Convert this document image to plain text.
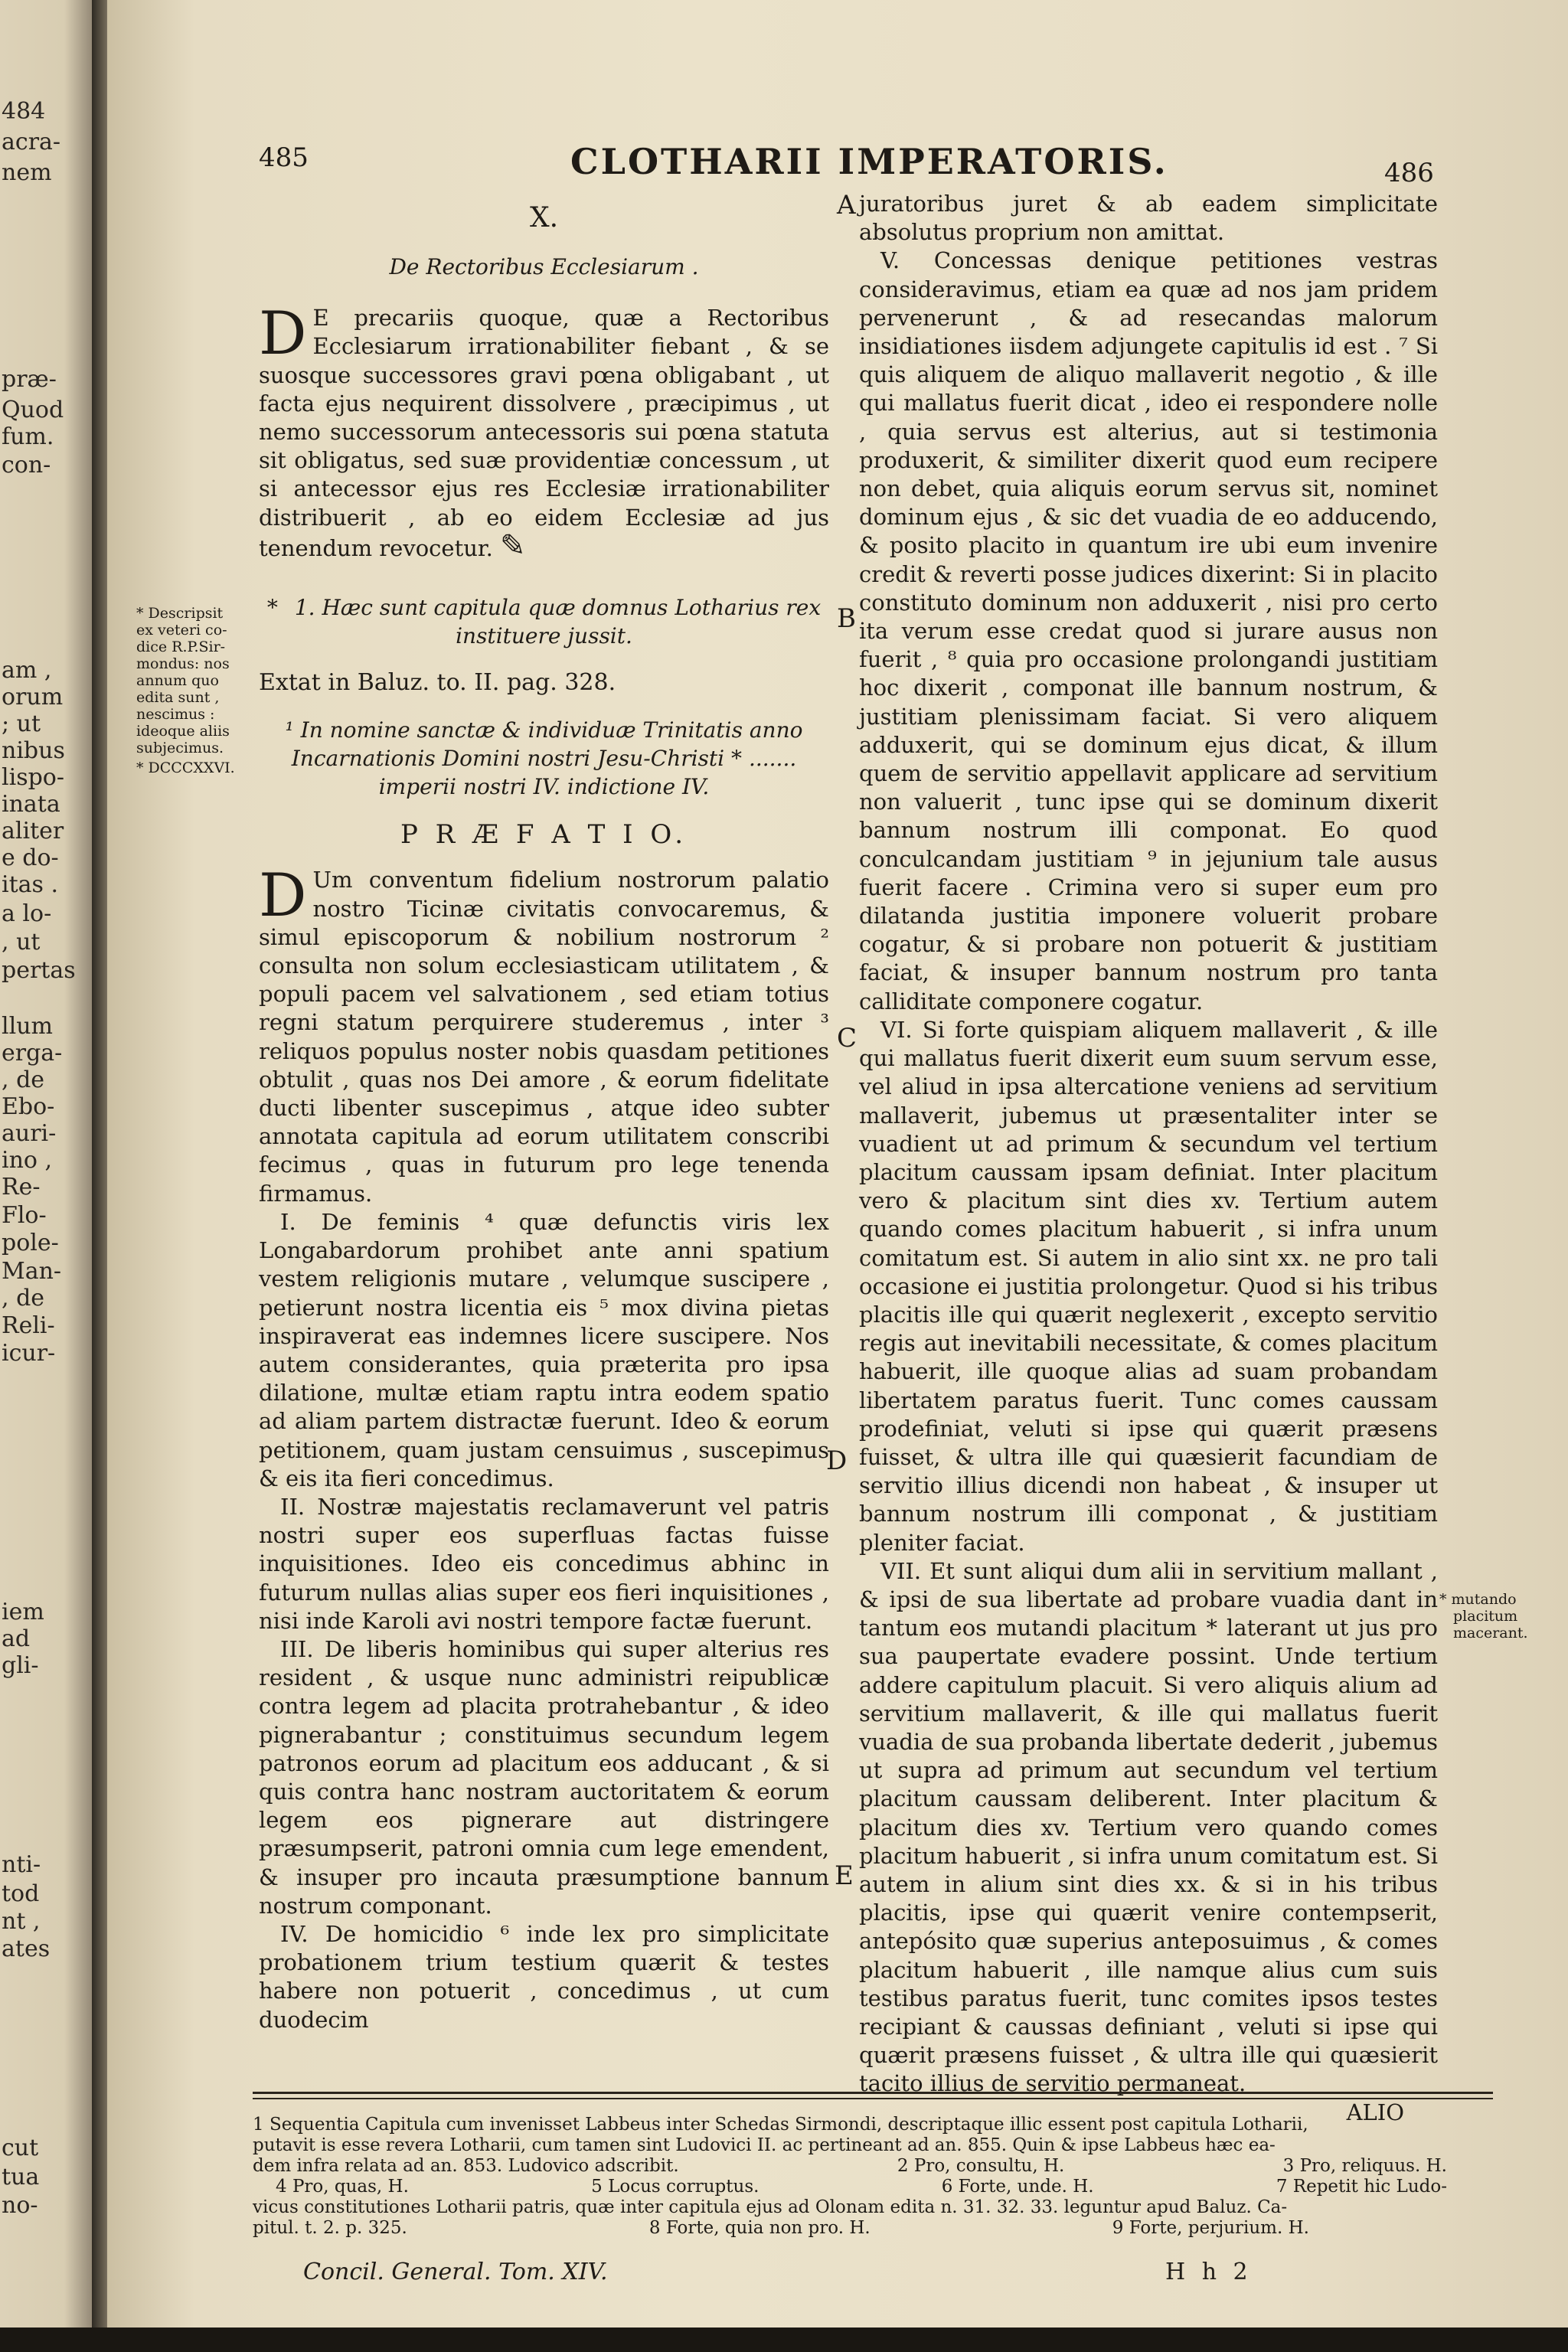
484
acra-
nem
præ-
Quod
fum.
con-
am ,
orum
; ut
nibus
lispo-
inata
aliter
e do-
itas .
a lo-
, ut
pertas
llum
erga-
, de
Ebo-
auri-
ino ,
Re-
Flo-
pole-
Man-
, de
Reli-
icur-
iem
ad
gli-
nti-
tod
nt ,
ates
cut
tua
no-
485	CLOTHARII IMPERATORIS.	486
A
B
C
D
E

X.

De Rectoribus Ecclesiarum .

D E precariis quoque, quæ a Rectoribus Ecclesiarum irrationabiliter fiebant , & se suosque successores gravi pœna obligabant , ut facta ejus nequirent dissolvere , præcipimus , ut nemo successorum antecessoris sui pœna statuta sit obligatus, sed suæ providentiæ concessum , ut si antecessor ejus res Ecclesiæ irrationabiliter distribuerit , ab eo eidem Ecclesiæ ad jus tenendum revocetur. ✎

* 1. Hæc sunt capitula quæ domnus Lotharius rex instituere jussit.

Extat in Baluz. to. II. pag. 328.

¹ In nomine sanctæ & individuæ Trinitatis anno Incarnationis Domini nostri Jesu-Christi * ....... imperii nostri IV. indictione IV.

P R Æ F A T I O.

D Um conventum fidelium nostrorum palatio nostro Ticinæ civitatis convocaremus, & simul episcoporum & nobilium nostrorum ² consulta non solum ecclesiasticam utilitatem , & populi pacem vel salvationem , sed etiam totius regni statum perquirere studeremus , inter ³ reliquos populus noster nobis quasdam petitiones obtulit , quas nos Dei amore , & eorum fidelitate ducti libenter suscepimus , atque ideo subter annotata capitula ad eorum utilitatem conscribi fecimus , quas in futurum pro lege tenenda firmamus.

I. De feminis ⁴ quæ defunctis viris lex Longabardorum prohibet ante anni spatium vestem religionis mutare , velumque suscipere , petierunt nostra licentia eis ⁵ mox divina pietas inspiraverat eas indemnes licere suscipere. Nos autem considerantes, quia præterita pro ipsa dilatione, multæ etiam raptu intra eodem spatio ad aliam partem distractæ fuerunt. Ideo & eorum petitionem, quam justam censuimus , suscepimus & eis ita fieri concedimus.

II. Nostræ majestatis reclamaverunt vel patris nostri super eos superfluas factas fuisse inquisitiones. Ideo eis concedimus abhinc in futurum nullas alias super eos fieri inquisitiones , nisi inde Karoli avi nostri tempore factæ fuerunt.

III. De liberis hominibus qui super alterius res resident , & usque nunc administri reipublicæ contra legem ad placita protrahebantur , & ideo pignerabantur ; constituimus secundum legem patronos eorum ad placitum eos adducant , & si quis contra hanc nostram auctoritatem & eorum legem eos pignerare aut distringere præsumpserit, patroni omnia cum lege emendent, & insuper pro incauta præsumptione bannum nostrum componant.

IV. De homicidio ⁶ inde lex pro simplicitate probationem trium testium quærit & testes habere non potuerit , concedimus , ut cum duodecim

* Descripsit
ex veteri co-
dice R.P.Sir-
mondus: nos
annum quo
edita sunt ,
nescimus :
ideoque aliis
subjecimus.
* DCCCXXVI.

juratoribus juret & ab eadem simplicitate absolutus proprium non amittat.

V. Concessas denique petitiones vestras consideravimus, etiam ea quæ ad nos jam pridem pervenerunt , & ad resecandas malorum insidiationes iisdem adjungete capitulis id est . ⁷ Si quis aliquem de aliquo mallaverit negotio , & ille qui mallatus fuerit dicat , ideo ei respondere nolle , quia servus est alterius, aut si testimonia produxerit, & similiter dixerit quod eum recipere non debet, quia aliquis eorum servus sit, nominet dominum ejus , & sic det vuadia de eo adducendo, & posito placito in quantum ire ubi eum invenire credit & reverti posse judices dixerint: Si in placito constituto dominum non adduxerit , nisi pro certo ita verum esse credat quod si jurare ausus non fuerit , ⁸ quia pro occasione prolongandi justitiam hoc dixerit , componat ille bannum nostrum, & justitiam plenissimam faciat. Si vero aliquem adduxerit, qui se dominum ejus dicat, & illum quem de servitio appellavit applicare ad servitium non valuerit , tunc ipse qui se dominum dixerit bannum nostrum illi componat. Eo quod conculcandam justitiam ⁹ in jejunium tale ausus fuerit facere . Crimina vero si super eum pro dilatanda justitia imponere voluerit probare cogatur, & si probare non potuerit & justitiam faciat, & insuper bannum nostrum pro tanta calliditate componere cogatur.

VI. Si forte quispiam aliquem mallaverit , & ille qui mallatus fuerit dixerit eum suum servum esse, vel aliud in ipsa altercatione veniens ad servitium mallaverit, jubemus ut præsentaliter inter se vuadient ut ad primum & secundum vel tertium placitum caussam ipsam definiat. Inter placitum vero & placitum sint dies xv. Tertium autem quando comes placitum habuerit , si infra unum comitatum est. Si autem in alio sint xx. ne pro tali occasione ei justitia prolongetur. Quod si his tribus placitis ille qui quærit neglexerit , excepto servitio regis aut inevitabili necessitate, & comes placitum habuerit, ille quoque alias ad suam probandam libertatem paratus fuerit. Tunc comes caussam prodefiniat, veluti si ipse qui quærit præsens fuisset, & ultra ille qui quæsierit facundiam de servitio illius dicendi non habeat , & insuper ut bannum nostrum illi componat , & justitiam pleniter faciat.

VII. Et sunt aliqui dum alii in servitium mallant , & ipsi de sua libertate ad probare vuadia dant in tantum eos mutandi placitum * laterant ut jus pro sua paupertate evadere possint. Unde tertium addere capitulum placuit. Si vero aliquis alium ad servitium mallaverit, & ille qui mallatus fuerit vuadia de sua probanda libertate dederit , jubemus ut supra ad primum aut secundum vel tertium placitum caussam deliberent. Inter placitum & placitum dies xv. Tertium vero quando comes placitum habuerit , si infra unum comitatum est. Si autem in alium sint dies xx. & si in his tribus placitis, ipse qui quærit venire contempserit, antepósito quæ superius anteposuimus , & comes placitum habuerit , ille namque alius cum suis testibus paratus fuerit, tunc comites ipsos testes recipiant & caussas definiant , veluti si ipse qui quærit præsens fuisset , & ultra ille qui quæsierit tacito illius de servitio permaneat.

ALIO

* mutando
placitum
macerant.
1 Sequentia Capitula cum invenisset Labbeus inter Schedas Sirmondi, descriptaque illic essent post capitula Lotharii,
putavit is esse revera Lotharii, cum tamen sint Ludovici II. ac pertineant ad an. 855. Quin & ipse Labbeus hæc ea-
dem infra relata ad an. 853. Ludovico adscribit.	2 Pro, consultu, H.	3 Pro, reliquus. H.
4 Pro, quas, H.	5 Locus corruptus.	6 Forte, unde. H.	7 Repetit hic Ludo-
vicus constitutiones Lotharii patris, quæ inter capitula ejus ad Olonam edita n. 31. 32. 33. leguntur apud Baluz. Ca-
pitul. t. 2. p. 325.	8 Forte, quia non pro. H.	9 Forte, perjurium. H.
Concil. General. Tom. XIV.	H h 2
